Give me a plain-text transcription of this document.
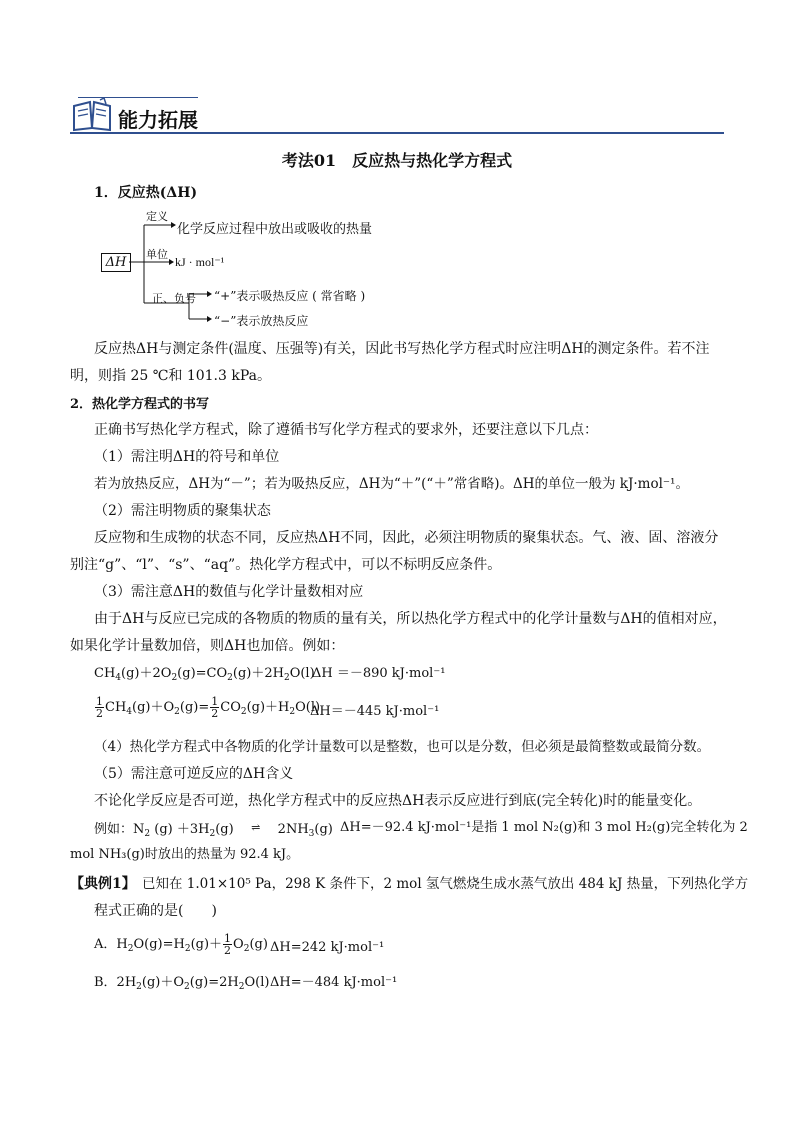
能力拓展
考法01　反应热与热化学方程式
1．反应热(ΔH)
ΔH
定义
化学反应过程中放出或吸收的热量
单位
kJ · mol⁻¹
正、负号 “+”表示吸热反应 ( 常省略 )
“−”表示放热反应
反应热ΔH与测定条件(温度、压强等)有关，因此书写热化学方程式时应注明ΔH的测定条件。若不注
明，则指 25 ℃和 101.3 kPa。
2．热化学方程式的书写
正确书写热化学方程式，除了遵循书写化学方程式的要求外，还要注意以下几点：
（1）需注明ΔH的符号和单位
若为放热反应，ΔH为“－”；若为吸热反应，ΔH为“＋”(“＋”常省略)。ΔH的单位一般为 kJ·mol⁻¹。
（2）需注明物质的聚集状态
反应物和生成物的状态不同，反应热ΔH不同，因此，必须注明物质的聚集状态。气、液、固、溶液分
别注“g”、“l”、“s”、“aq”。热化学方程式中，可以不标明反应条件。
（3）需注意ΔH的数值与化学计量数相对应
由于ΔH与反应已完成的各物质的物质的量有关，所以热化学方程式中的化学计量数与ΔH的值相对应，
如果化学计量数加倍，则ΔH也加倍。例如：
$CH_4(g)+2O_2(g)=CO_2(g)+2H_2O(l)$
ΔH ＝－890 kJ·mol⁻¹
$\frac{1}{2} CH_4(g)+O_2(g)= \frac{1}{2} CO_2(g)+H_2O(l)$
ΔH＝－445 kJ·mol⁻¹
（4）热化学方程式中各物质的化学计量数可以是整数，也可以是分数，但必须是最简整数或最简分数。
（5）需注意可逆反应的ΔH含义
不论化学反应是否可逆，热化学方程式中的反应热ΔH表示反应进行到底(完全转化)时的能量变化。
例如：$N_2$ $(g) +3H_2(g)$ ⇌ $2NH_3(g)$　
ΔH=－92.4 kJ·mol⁻¹是指 1 mol N₂(g)和 3 mol H₂(g)完全转化为 2
mol NH₃(g)时放出的热量为 92.4 kJ。
【典例1】 已知在 1.01×10⁵ Pa，298 K 条件下，2 mol 氢气燃烧生成水蒸气放出 484 kJ 热量，下列热化学方
程式正确的是(　　)
A．$H_2O(g)=H_2(g)+ \frac{1}{2} O_2(g)$ ΔH=242 kJ·mol⁻¹
B．$2H_2(g)+O_2(g)=2H_2O(l)$ ΔH=－484 kJ·mol⁻¹
